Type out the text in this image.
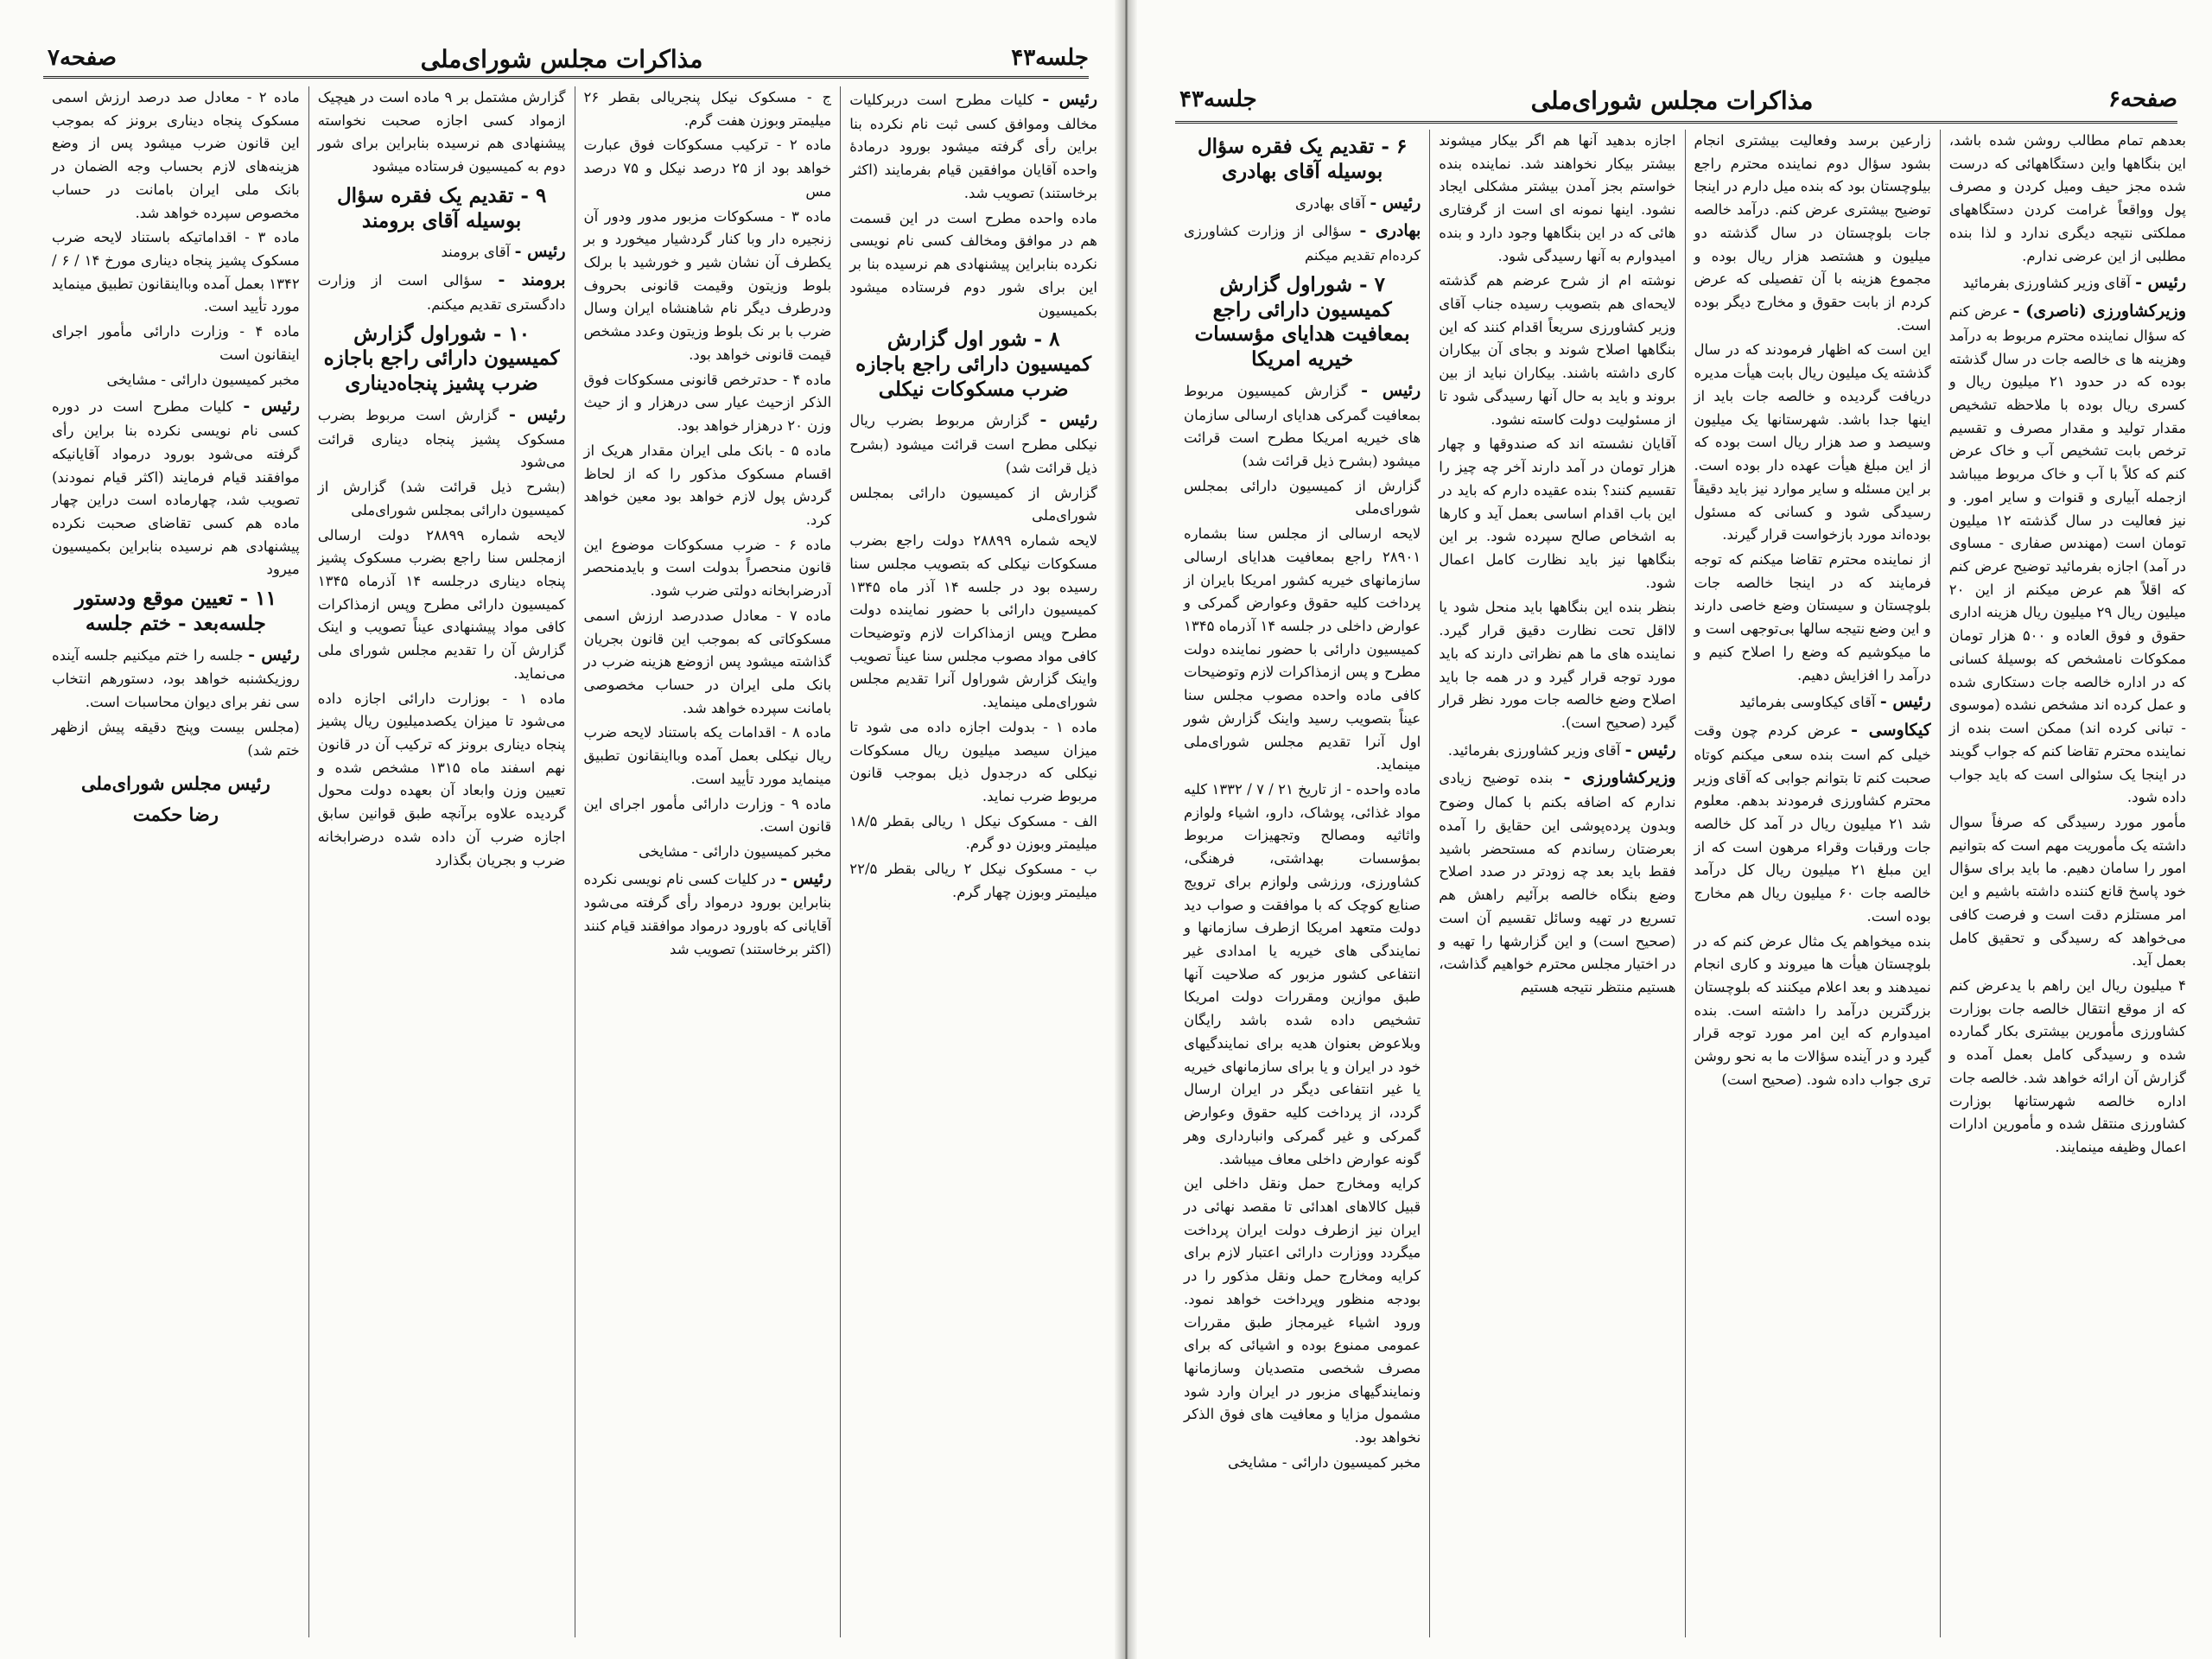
جلسه۴۳
مذاکرات مجلس شورای‌ملی
صفحه۷

رئیس - کلیات مطرح است دربرکلیات مخالف وموافق کسی ثبت نام نکرده بنا براین رأی گرفته میشود بورود درمادهٔ واحده آقایان موافقین قیام بفرمایند (اکثر برخاستند) تصویب شد.

ماده واحده مطرح است در این قسمت هم در موافق ومخالف کسی نام نویسی نکرده بنابراین پیشنهادی هم نرسیده بنا بر این برای شور دوم فرستاده میشود بکمیسیون

۸ - شور اول گزارش کمیسیون دارائی راجع باجازه ضرب مسکوکات نیکلی

رئیس - گزارش مربوط بضرب ریال نیکلی مطرح است قرائت میشود (بشرح ذیل قرائت شد)

گزارش از کمیسیون دارائی بمجلس شورای‌ملی

لایحه شماره ۲۸۸۹۹ دولت راجع بضرب مسکوکات نیکلی که بتصویب مجلس سنا رسیده بود در جلسه ۱۴ آذر ماه ۱۳۴۵ کمیسیون دارائی با حضور نماینده دولت مطرح وپس ازمذاکرات لازم وتوضیحات کافی مواد مصوب مجلس سنا عیناً تصویب واینک گزارش شوراول آنرا تقدیم مجلس شورای‌ملی مینماید.

ماده ۱ - بدولت اجازه داده می شود تا میزان سیصد میلیون ریال مسکوکات نیکلی که درجدول ذیل بموجب قانون مربوط ضرب نماید.

الف - مسکوک نیکل ۱ ریالی بقطر ۱۸/۵ میلیمتر وبوزن دو گرم.

ب - مسکوک نیکل ۲ ریالی بقطر ۲۲/۵ میلیمتر وبوزن چهار گرم.

ج - مسکوک نیکل پنجریالی بقطر ۲۶ میلیمتر وبوزن هفت گرم.

ماده ۲ - ترکیب مسکوکات فوق عبارت خواهد بود از ۲۵ درصد نیکل و ۷۵ درصد مس

ماده ۳ - مسکوکات مزبور مدور ودور آن زنجیره دار وبا کنار گردشیار میخورد و بر یکطرف آن نشان شیر و خورشید با برلک بلوط وزیتون وقیمت قانونی بحروف ودرطرف دیگر نام شاهنشاه ایران وسال ضرب با بر نک بلوط وزیتون وعدد مشخص قیمت قانونی خواهد بود.

ماده ۴ - حدترخص قانونی مسکوکات فوق الذکر ازحیث عیار سی درهزار و از حیث وزن ۲۰ درهزار خواهد بود.

ماده ۵ - بانک ملی ایران مقدار هریک از اقسام مسکوک مذکور را که از لحاظ گردش پول لازم خواهد بود معین خواهد کرد.

ماده ۶ - ضرب مسکوکات موضوع این قانون منحصراً بدولت است و بایدمنحصر آدرضرابخانه دولتی ضرب شود.

ماده ۷ - معادل صددرصد ارزش اسمی مسکوکاتی که بموجب این قانون بجریان گذاشته میشود پس ازوضع هزینه ضرب در بانک ملی ایران در حساب مخصوصی بامانت سپرده خواهد شد.

ماده ۸ - اقدامات یکه باستناد لایحه ضرب ریال نیکلی بعمل آمده وبااینقانون تطبیق مینماید مورد تأیید است.

ماده ۹ - وزارت دارائی مأمور اجرای این قانون است.

مخبر کمیسیون دارائی - مشایخی

رئیس - در کلیات کسی نام نویسی نکرده بنابراین بورود درمواد رأی گرفته می‌شود آقایانی که باورود درمواد موافقند قیام کنند (اکثر برخاستند) تصویب شد

گزارش مشتمل بر ۹ ماده است در هیچیک ازمواد کسی اجازه صحبت نخواسته پیشنهادی هم نرسیده بنابراین برای شور دوم به کمیسیون فرستاده میشود

۹ - تقدیم یک فقره سؤال بوسیله آقای برومند

رئیس - آقای برومند

برومند - سؤالی است از وزارت دادگستری تقدیم میکنم.

۱۰ - شوراول گزارش کمیسیون دارائی راجع باجازه ضرب پشیز پنجاه‌دیناری

رئیس - گزارش است مربوط بضرب مسکوک پشیز پنجاه دیناری قرائت می‌شود

(بشرح ذیل قرائت شد) گزارش از کمیسیون دارائی بمجلس شورای‌ملی

لایحه شماره ۲۸۸۹۹ دولت ارسالی ازمجلس سنا راجع بضرب مسکوک پشیز پنجاه دیناری درجلسه ۱۴ آذرماه ۱۳۴۵ کمیسیون دارائی مطرح وپس ازمذاکرات کافی مواد پیشنهادی عیناً تصویب و اینک گزارش آن را تقدیم مجلس شورای ملی می‌نماید.

ماده ۱ - بوزارت دارائی اجازه داده می‌شود تا میزان یکصدمیلیون ریال پشیز پنجاه دیناری برونز که ترکیب آن در قانون نهم اسفند ماه ۱۳۱۵ مشخص شده و تعیین وزن وابعاد آن بعهده دولت محول گردیده علاوه برآنچه طبق قوانین سابق اجازه ضرب آن داده شده درضرابخانه ضرب و بجریان بگذارد

ماده ۲ - معادل صد درصد ارزش اسمی مسکوک پنجاه دیناری برونز که بموجب این قانون ضرب میشود پس از وضع هزینه‌های لازم بحساب وجه الضمان در بانک ملی ایران بامانت در حساب مخصوص سپرده خواهد شد.

ماده ۳ - اقداماتیکه باستناد لایحه ضرب مسکوک پشیز پنجاه دیناری مورخ ۱۴ / ۶ / ۱۳۴۲ بعمل آمده وبااینقانون تطبیق مینماید مورد تأیید است.

ماده ۴ - وزارت دارائی مأمور اجرای اینقانون است

مخبر کمیسیون دارائی - مشایخی

رئیس - کلیات مطرح است در دوره کسی نام نویسی نکرده بنا براین رأی گرفته می‌شود بورود درمواد آقایانیکه موافقند قیام فرمایند (اکثر قیام نمودند) تصویب شد، چهارماده است دراین چهار ماده هم کسی تقاضای صحبت نکرده پیشنهادی هم نرسیده بنابراین بکمیسیون میرود

۱۱ - تعیین موقع ودستور جلسه‌بعد - ختم جلسه

رئیس - جلسه را ختم میکنیم جلسه آینده روزیکشنبه خواهد بود، دستورهم انتخاب سی نفر برای دیوان محاسبات است.

(مجلس بیست وپنج دقیقه پیش ازظهر ختم شد)

رئیس مجلس شورای‌ملی
رضا حکمت
صفحه۶
مذاکرات مجلس شورای‌ملی
جلسه۴۳

بعدهم تمام مطالب روشن شده باشد، این بنگاهها واین دستگاههائی که درست شده مجز حیف ومیل کردن و مصرف پول وواقعاً غرامت کردن دستگاههای مملکتی نتیجه دیگری ندارد و لذا بنده مطلبی از این عرضی ندارم.

رئیس - آقای وزیر کشاورزی بفرمائید

وزیرکشاورزی (ناصری) - عرض کنم که سؤال نماینده محترم مربوط به درآمد وهزینه ها ی خالصه جات در سال گذشته بوده که در حدود ۲۱ میلیون ریال و کسری ریال بوده با ملاحظه تشخیص مقدار تولید و مقدار مصرف و تقسیم ترخص بابت تشخیص آب و خاک عرض کنم که کلاً با آب و خاک مربوط میباشد ازجمله آبیاری و قنوات و سایر امور. و نیز فعالیت در سال گذشته ۱۲ میلیون تومان است (مهندس صفاری - مساوی در آمد) اجازه بفرمائید توضیح عرض کنم که اقلاً هم عرض میکنم از این ۲۰ میلیون ریال ۲۹ میلیون ریال هزینه اداری حقوق و فوق العاده و ۵۰۰ هزار تومان ممکوکات نامشخص که بوسیلهٔ کسانی که در اداره خالصه جات دستکاری شده و عمل کرده اند مشخص نشده (موسوی - تبانی کرده اند) ممکن است بنده از نماینده محترم تقاضا کنم که جواب گویند در اینجا یک سئوالی است که باید جواب داده شود.

مأمور مورد رسیدگی که صرفاً سوال داشته یک مأموریت مهم است که بتوانیم امور را سامان دهیم. ما باید برای سؤال خود پاسخ قانع کننده داشته باشیم و این امر مستلزم دقت است و فرصت کافی می‌خواهد که رسیدگی و تحقیق کامل بعمل آید.

۴ میلیون ریال این راهم با یدعرض کنم که از موقع انتقال خالصه جات بوزارت کشاورزی مأمورین بیشتری بکار گمارده شده و رسیدگی کامل بعمل آمده و گزارش آن ارائه خواهد شد. خالصه جات اداره خالصه شهرستانها بوزارت کشاورزی منتقل شده و مأمورین ادارات اعمال وظیفه مینمایند.

زارعین برسد وفعالیت بیشتری انجام بشود سؤال دوم نماینده محترم راجع بیلوچستان بود که بنده میل دارم در اینجا توضیح بیشتری عرض کنم. درآمد خالصه جات بلوچستان در سال گذشته دو میلیون و هشتصد هزار ریال بوده و مجموع هزینه با آن تفصیلی که عرض کردم از بابت حقوق و مخارج دیگر بوده است.

این است که اظهار فرمودند که در سال گذشته یک میلیون ریال بابت هیأت مدیره دریافت گردیده و خالصه جات باید از اینها جدا باشد. شهرستانها یک میلیون وسیصد و صد هزار ریال است بوده که از این مبلغ هیأت عهده دار بوده است. بر این مسئله و سایر موارد نیز باید دقیقاً رسیدگی شود و کسانی که مسئول بوده‌اند مورد بازخواست قرار گیرند.

از نماینده محترم تقاضا میکنم که توجه فرمایند که در اینجا خالصه جات بلوچستان و سیستان وضع خاصی دارند و این وضع نتیجه سالها بی‌توجهی است و ما میکوشیم که وضع را اصلاح کنیم و درآمد را افزایش دهیم.

رئیس - آقای کیکاوسی بفرمائید

کیکاوسی - عرض کردم چون وقت خیلی کم است بنده سعی میکنم کوتاه صحبت کنم تا بتوانم جوابی که آقای وزیر محترم کشاورزی فرمودند بدهم. معلوم شد ۲۱ میلیون ریال در آمد کل خالصه جات ورقبات وقراء مرهون است که از این مبلغ ۲۱ میلیون ریال کل درآمد خالصه جات ۶۰ میلیون ریال هم مخارج بوده است.

بنده میخواهم یک مثال عرض کنم که در بلوچستان هیأت ها میروند و کاری انجام نمیدهند و بعد اعلام میکنند که بلوچستان بزرگترین درآمد را داشته است. بنده امیدوارم که این امر مورد توجه قرار گیرد و در آینده سؤالات ما به نحو روشن تری جواب داده شود. (صحیح است)

اجازه بدهید آنها هم اگر بیکار میشوند بیشتر بیکار نخواهند شد. نماینده بنده خواستم بجز آمدن بیشتر مشکلی ایجاد نشود. اینها نمونه ای است از گرفتاری هائی که در این بنگاهها وجود دارد و بنده امیدوارم به آنها رسیدگی شود.

نوشته ام از شرح عرضم هم گذشته لایحه‌ای هم بتصویب رسیده جناب آقای وزیر کشاورزی سریعاً اقدام کنند که این بنگاهها اصلاح شوند و بجای آن بیکاران کاری داشته باشند. بیکاران نباید از بین بروند و باید به حال آنها رسیدگی شود تا از مسئولیت دولت کاسته نشود.

آقایان نشسته اند که صندوقها و چهار هزار تومان در آمد دارند آخر چه چیز را تقسیم کنند؟ بنده عقیده دارم که باید در این باب اقدام اساسی بعمل آید و کارها به اشخاص صالح سپرده شود. بر این بنگاهها نیز باید نظارت کامل اعمال شود.

بنظر بنده این بنگاهها باید منحل شود یا لااقل تحت نظارت دقیق قرار گیرد. نماینده های ما هم نظراتی دارند که باید مورد توجه قرار گیرد و در همه جا باید اصلاح وضع خالصه جات مورد نظر قرار گیرد (صحیح است).

رئیس - آقای وزیر کشاورزی بفرمائید.

وزیرکشاورزی - بنده توضیح زیادی ندارم که اضافه بکنم با کمال وضوح وبدون پرده‌پوشی این حقایق را آمده بعرضتان رساندم که مستحضر باشید فقط باید بعد چه زودتر در صدد اصلاح وضع بنگاه خالصه برآئیم راهش هم تسریع در تهیه وسائل تقسیم آن است (صحیح است) و این گزارشها را تهیه و در اختیار مجلس محترم خواهیم گذاشت، هستیم منتظر نتیجه هستیم

۶ - تقدیم یک فقره سؤال بوسیله آقای بهادری

رئیس - آقای بهادری

بهادری - سؤالی از وزارت کشاورزی کرده‌ام تقدیم میکنم

۷ - شوراول گزارش کمیسیون دارائی راجع بمعافیت هدایای مؤسسات خیریه امریکا

رئیس - گزارش کمیسیون مربوط بمعافیت گمرکی هدایای ارسالی سازمان های خیریه امریکا مطرح است قرائت میشود (بشرح ذیل قرائت شد)

گزارش از کمیسیون دارائی بمجلس شورای‌ملی

لایحه ارسالی از مجلس سنا بشماره ۲۸۹۰۱ راجع بمعافیت هدایای ارسالی سازمانهای خیریه کشور امریکا بایران از پرداخت کلیه حقوق وعوارض گمرکی و عوارض داخلی در جلسه ۱۴ آذرماه ۱۳۴۵ کمیسیون دارائی با حضور نماینده دولت مطرح و پس ازمذاکرات لازم وتوضیحات کافی ماده واحده مصوب مجلس سنا عیناً بتصویب رسید واینک گزارش شور اول آنرا تقدیم مجلس شورای‌ملی مینماید.

ماده واحده - از تاریخ ۲۱ / ۷ / ۱۳۳۲ کلیه مواد غذائی، پوشاک، دارو، اشیاء ولوازم واثاثیه ومصالح وتجهیزات مربوط بمؤسسات بهداشتی، فرهنگی، کشاورزی، ورزشی ولوازم برای ترویج صنایع کوچک که با موافقت و صواب دید دولت متعهد امریکا ازطرف سازمانها و نمایندگی های خیریه یا امدادی غیر انتفاعی کشور مزبور که صلاحیت آنها طبق موازین ومقررات دولت امریکا تشخیص داده شده باشد رایگان وبلاعوض بعنوان هدیه برای نمایندگیهای خود در ایران و یا برای سازمانهای خیریه یا غیر انتفاعی دیگر در ایران ارسال گردد، از پرداخت کلیه حقوق وعوارض گمرکی و غیر گمرکی وانبارداری وهر گونه عوارض داخلی معاف میباشد.

کرایه ومخارج حمل ونقل داخلی این قبیل کالاهای اهدائی تا مقصد نهائی در ایران نیز ازطرف دولت ایران پرداخت میگردد ووزارت دارائی اعتبار لازم برای کرایه ومخارج حمل ونقل مذکور را در بودجه منظور وپرداخت خواهد نمود. ورود اشیاء غیرمجاز طبق مقررات عمومی ممنوع بوده و اشیائی که برای مصرف شخصی متصدیان وسازمانها ونمایندگیهای مزبور در ایران وارد شود مشمول مزایا و معافیت های فوق الذکر نخواهد بود.

مخبر کمیسیون دارائی - مشایخی
